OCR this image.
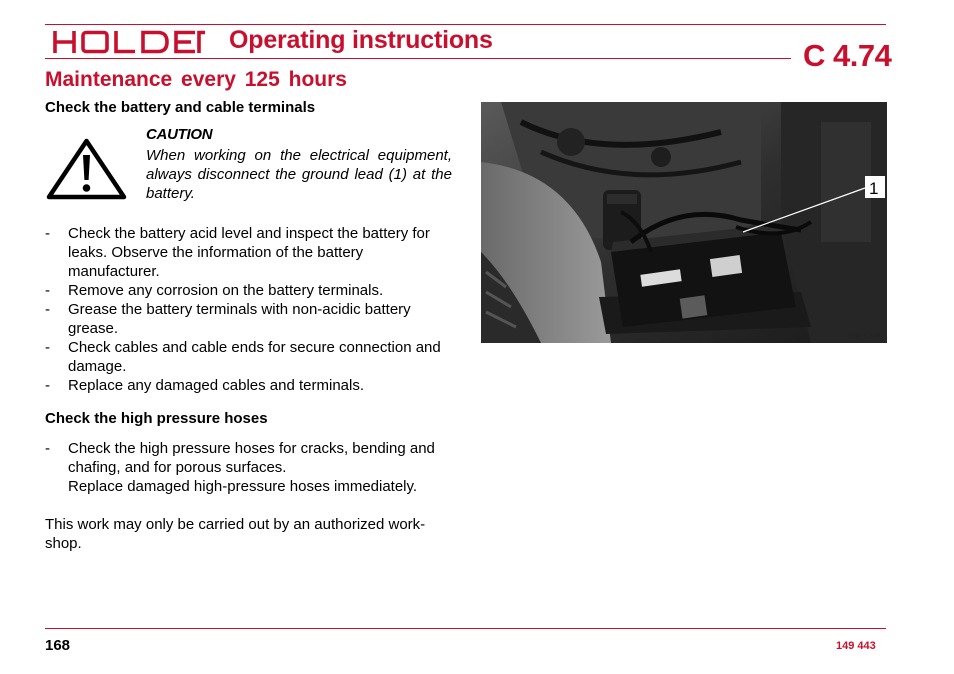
Operating instructions	C 4.74
Maintenance every 125 hours
Check the battery and cable terminals
CAUTION
When working on the electrical equipment, always disconnect the ground lead (1) at the battery.
- Check the battery acid level and inspect the battery for leaks. Observe the information of the battery manufacturer.
- Remove any corrosion on the battery terminals.
- Grease the battery terminals with non-acidic battery grease.
- Check cables and cable ends for secure connection and damage.
- Replace any damaged cables and terminals.
Check the high pressure hoses
- Check the high pressure hoses for cracks, bending and chafing, and for porous surfaces.
Replace damaged high-pressure hoses immediately.
This work may only be carried out by an authorized work-shop.
1
Bild_C246
168	149 443
